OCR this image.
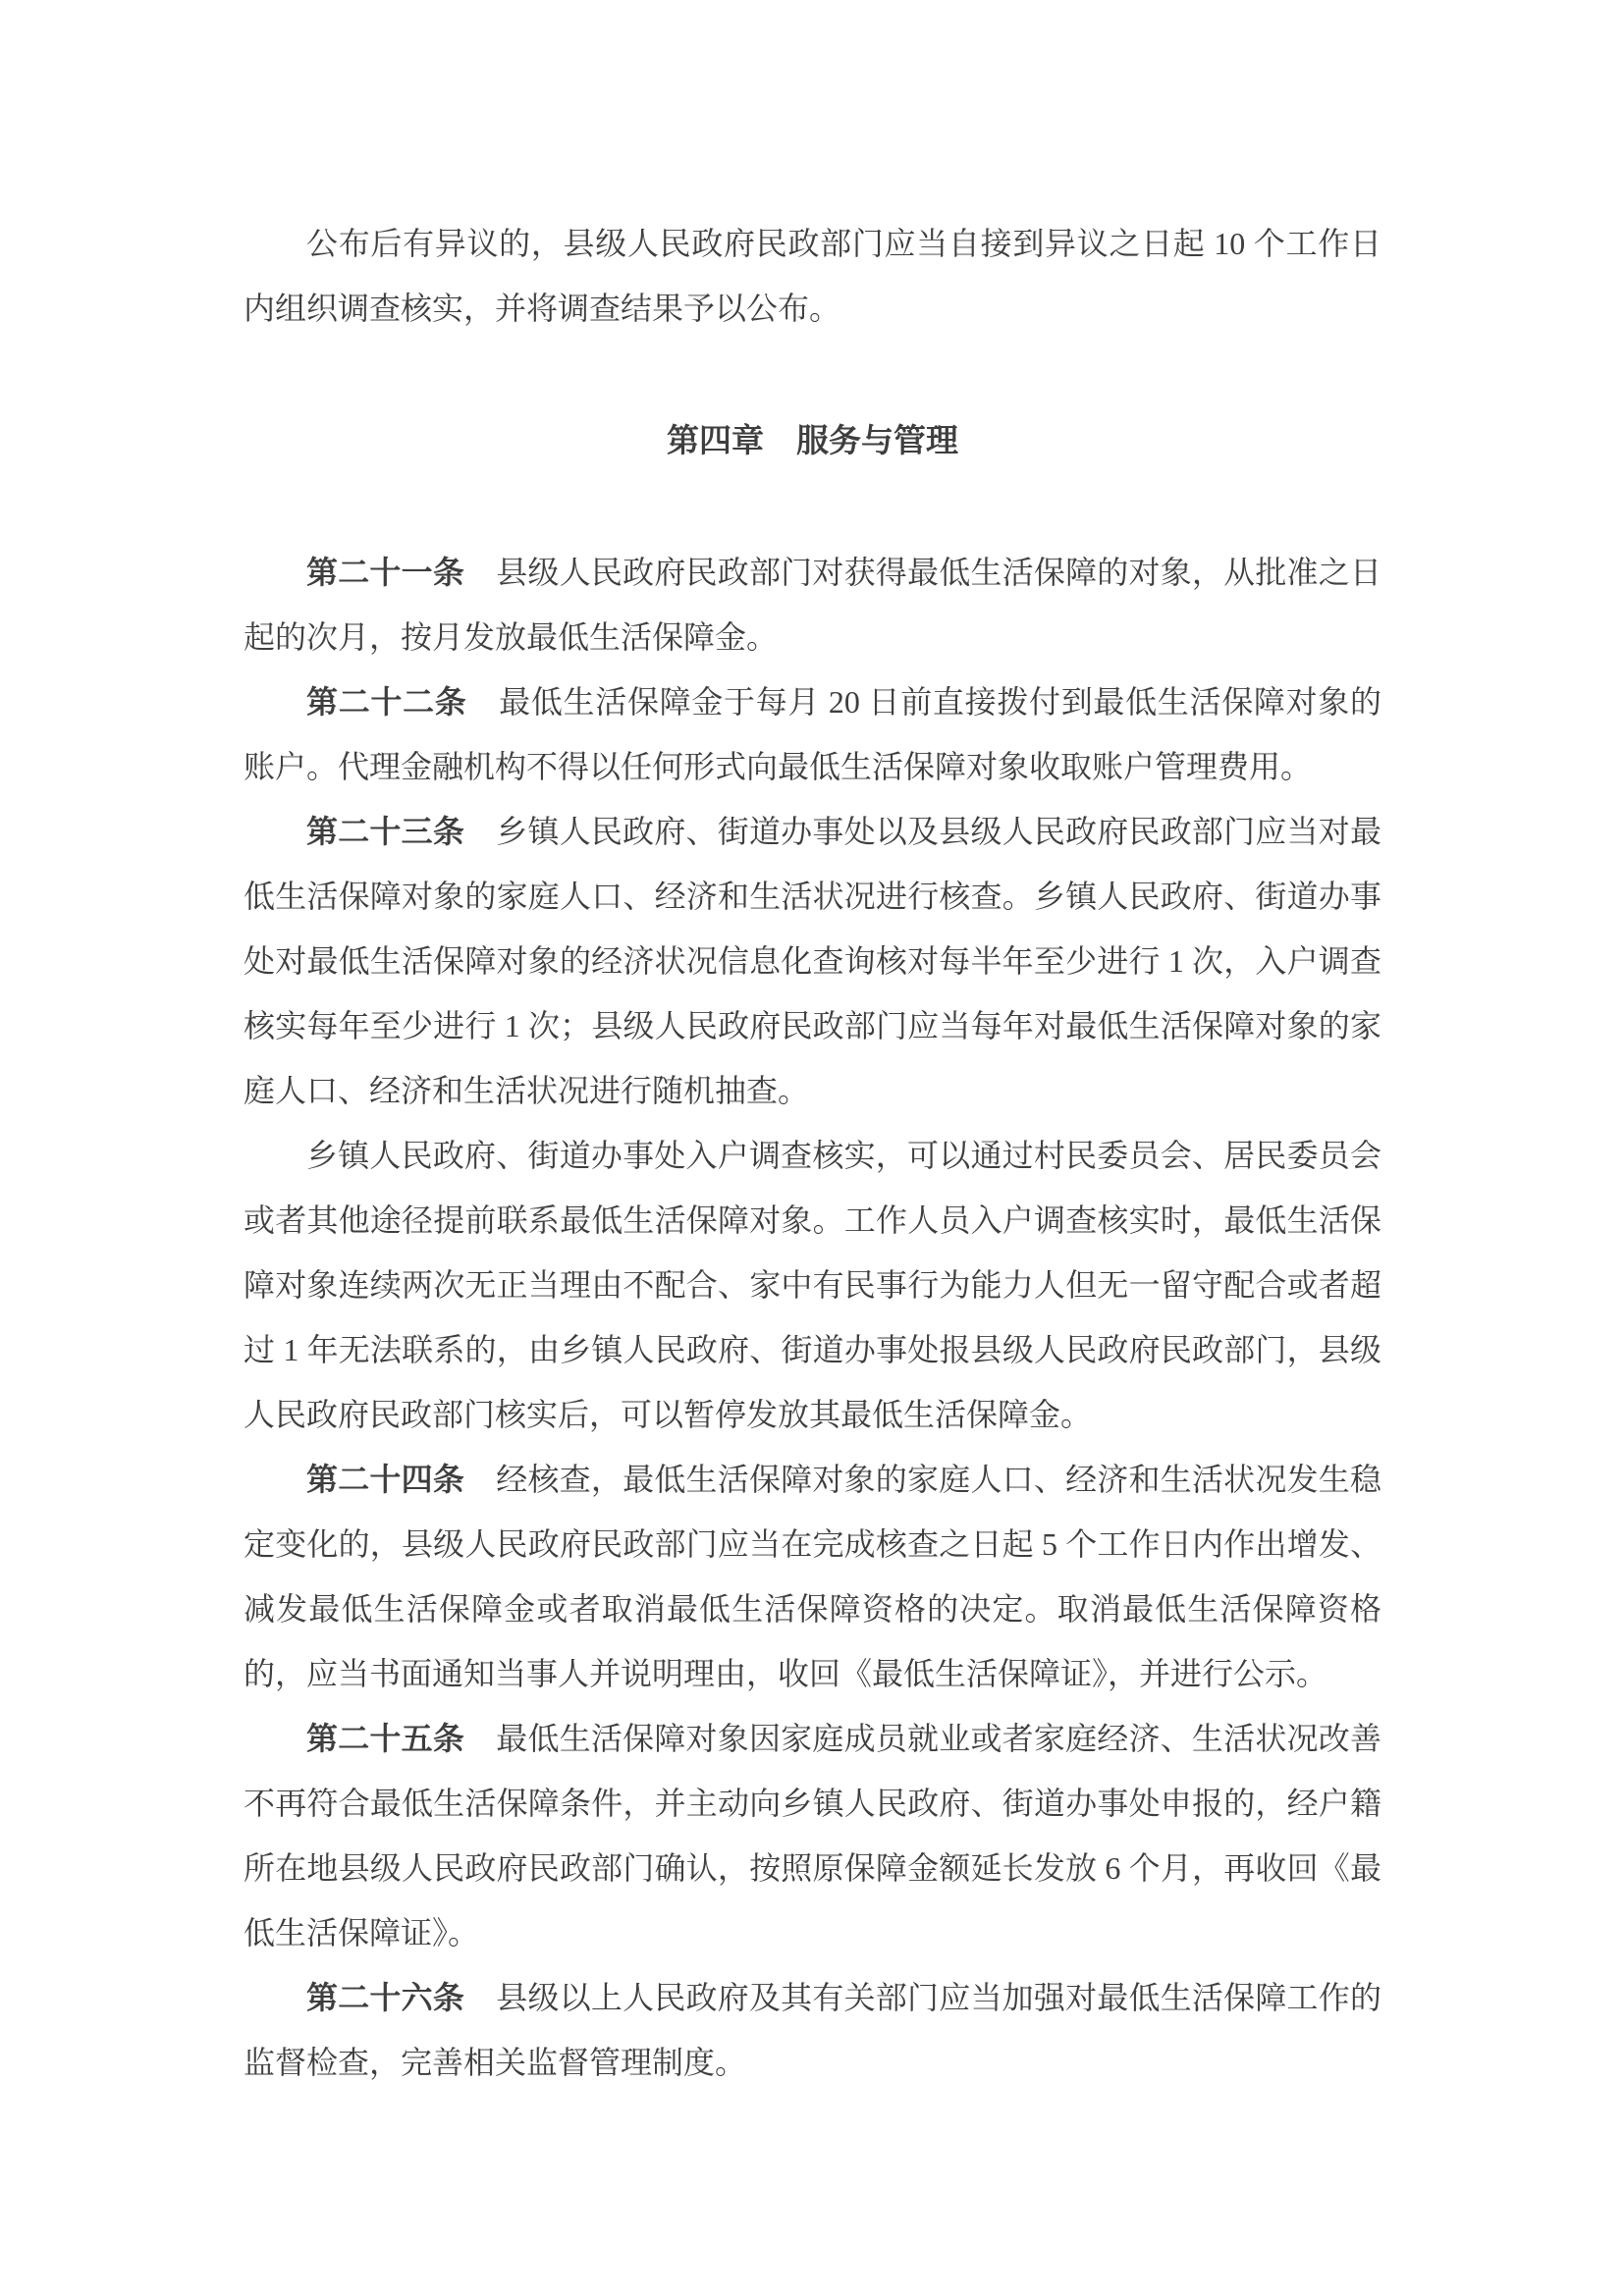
公布后有异议的，县级人民政府民政部门应当自接到异议之日起 10 个工作日内组织调查核实，并将调查结果予以公布。

第四章　服务与管理

第二十一条　县级人民政府民政部门对获得最低生活保障的对象，从批准之日起的次月，按月发放最低生活保障金。

第二十二条　最低生活保障金于每月 20 日前直接拨付到最低生活保障对象的账户。代理金融机构不得以任何形式向最低生活保障对象收取账户管理费用。

第二十三条　乡镇人民政府、街道办事处以及县级人民政府民政部门应当对最低生活保障对象的家庭人口、经济和生活状况进行核查。乡镇人民政府、街道办事处对最低生活保障对象的经济状况信息化查询核对每半年至少进行 1 次，入户调查核实每年至少进行 1 次；县级人民政府民政部门应当每年对最低生活保障对象的家庭人口、经济和生活状况进行随机抽查。

乡镇人民政府、街道办事处入户调查核实，可以通过村民委员会、居民委员会或者其他途径提前联系最低生活保障对象。工作人员入户调查核实时，最低生活保障对象连续两次无正当理由不配合、家中有民事行为能力人但无一留守配合或者超过 1 年无法联系的，由乡镇人民政府、街道办事处报县级人民政府民政部门，县级人民政府民政部门核实后，可以暂停发放其最低生活保障金。

第二十四条　经核查，最低生活保障对象的家庭人口、经济和生活状况发生稳定变化的，县级人民政府民政部门应当在完成核查之日起 5 个工作日内作出增发、减发最低生活保障金或者取消最低生活保障资格的决定。取消最低生活保障资格的，应当书面通知当事人并说明理由，收回《最低生活保障证》，并进行公示。

第二十五条　最低生活保障对象因家庭成员就业或者家庭经济、生活状况改善不再符合最低生活保障条件，并主动向乡镇人民政府、街道办事处申报的，经户籍所在地县级人民政府民政部门确认，按照原保障金额延长发放 6 个月，再收回《最低生活保障证》。

第二十六条　县级以上人民政府及其有关部门应当加强对最低生活保障工作的监督检查，完善相关监督管理制度。
